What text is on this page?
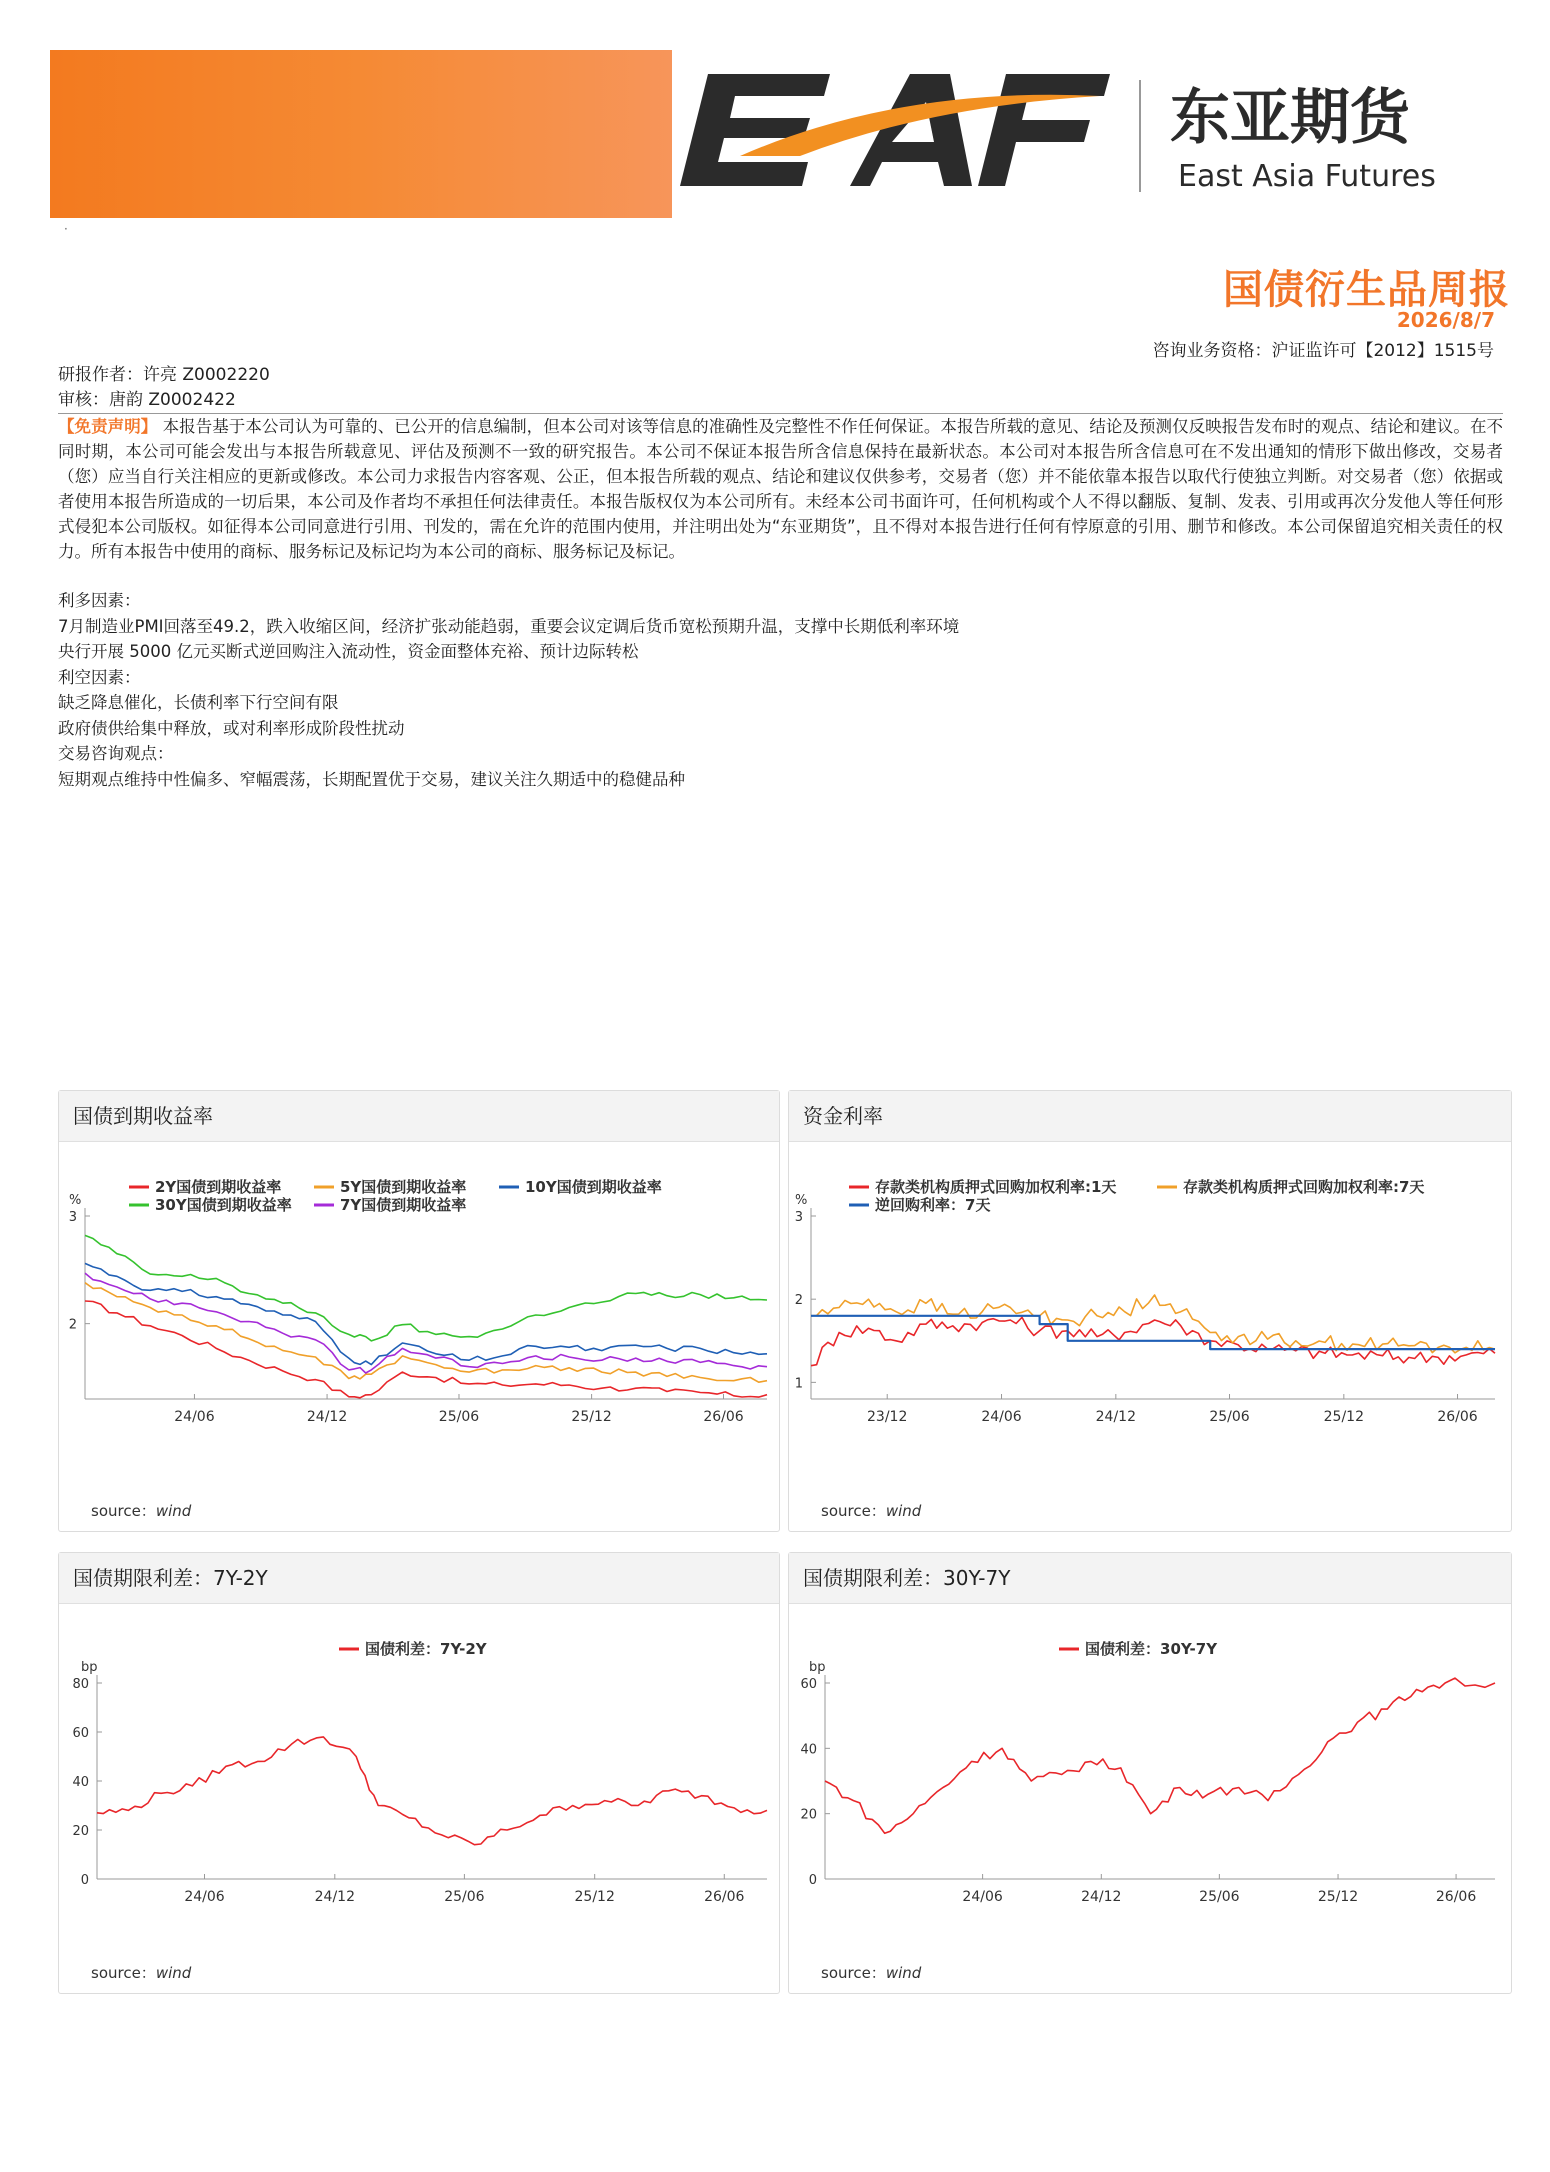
东亚期货
East Asia Futures
·
国债衍生品周报
2026/8/7
咨询业务资格：沪证监许可【2012】1515号
研报作者：许亮 Z0002220
审核：唐韵 Z0002422
【免责声明】 本报告基于本公司认为可靠的、已公开的信息编制，但本公司对该等信息的准确性及完整性不作任何保证。本报告所载的意见、结论及预测仅反映报告发布时的观点、结论和建议。在不同时期，本公司可能会发出与本报告所载意见、评估及预测不一致的研究报告。本公司不保证本报告所含信息保持在最新状态。本公司对本报告所含信息可在不发出通知的情形下做出修改，交易者（您）应当自行关注相应的更新或修改。本公司力求报告内容客观、公正，但本报告所载的观点、结论和建议仅供参考，交易者（您）并不能依靠本报告以取代行使独立判断。对交易者（您）依据或者使用本报告所造成的一切后果，本公司及作者均不承担任何法律责任。本报告版权仅为本公司所有。未经本公司书面许可，任何机构或个人不得以翻版、复制、发表、引用或再次分发他人等任何形式侵犯本公司版权。如征得本公司同意进行引用、刊发的，需在允许的范围内使用，并注明出处为“东亚期货”，且不得对本报告进行任何有悖原意的引用、删节和修改。本公司保留追究相关责任的权力。所有本报告中使用的商标、服务标记及标记均为本公司的商标、服务标记及标记。
利多因素：
7月制造业PMI回落至49.2，跌入收缩区间，经济扩张动能趋弱，重要会议定调后货币宽松预期升温，支撑中长期低利率环境
央行开展 5000 亿元买断式逆回购注入流动性，资金面整体充裕、预计边际转松
利空因素：
缺乏降息催化，长债利率下行空间有限
政府债供给集中释放，或对利率形成阶段性扰动
交易咨询观点：
短期观点维持中性偏多、窄幅震荡，长期配置优于交易，建议关注久期适中的稳健品种
国债到期收益率
2Y国债到期收益率	5Y国债到期收益率	10Y国债到期收益率
30Y国债到期收益率	7Y国债到期收益率
%
3
2
24/06	24/12	25/06	25/12	26/06
source：wind
资金利率
存款类机构质押式回购加权利率:1天	存款类机构质押式回购加权利率:7天
逆回购利率：7天
%
3
2
1
23/12	24/06	24/12	25/06	25/12	26/06
source：wind
国债期限利差：7Y-2Y
国债利差：7Y-2Y
bp
80
60
40
20
0
24/06	24/12	25/06	25/12	26/06
source：wind
国债期限利差：30Y-7Y
国债利差：30Y-7Y
bp
60
40
20
0
24/06	24/12	25/06	25/12	26/06
source：wind
